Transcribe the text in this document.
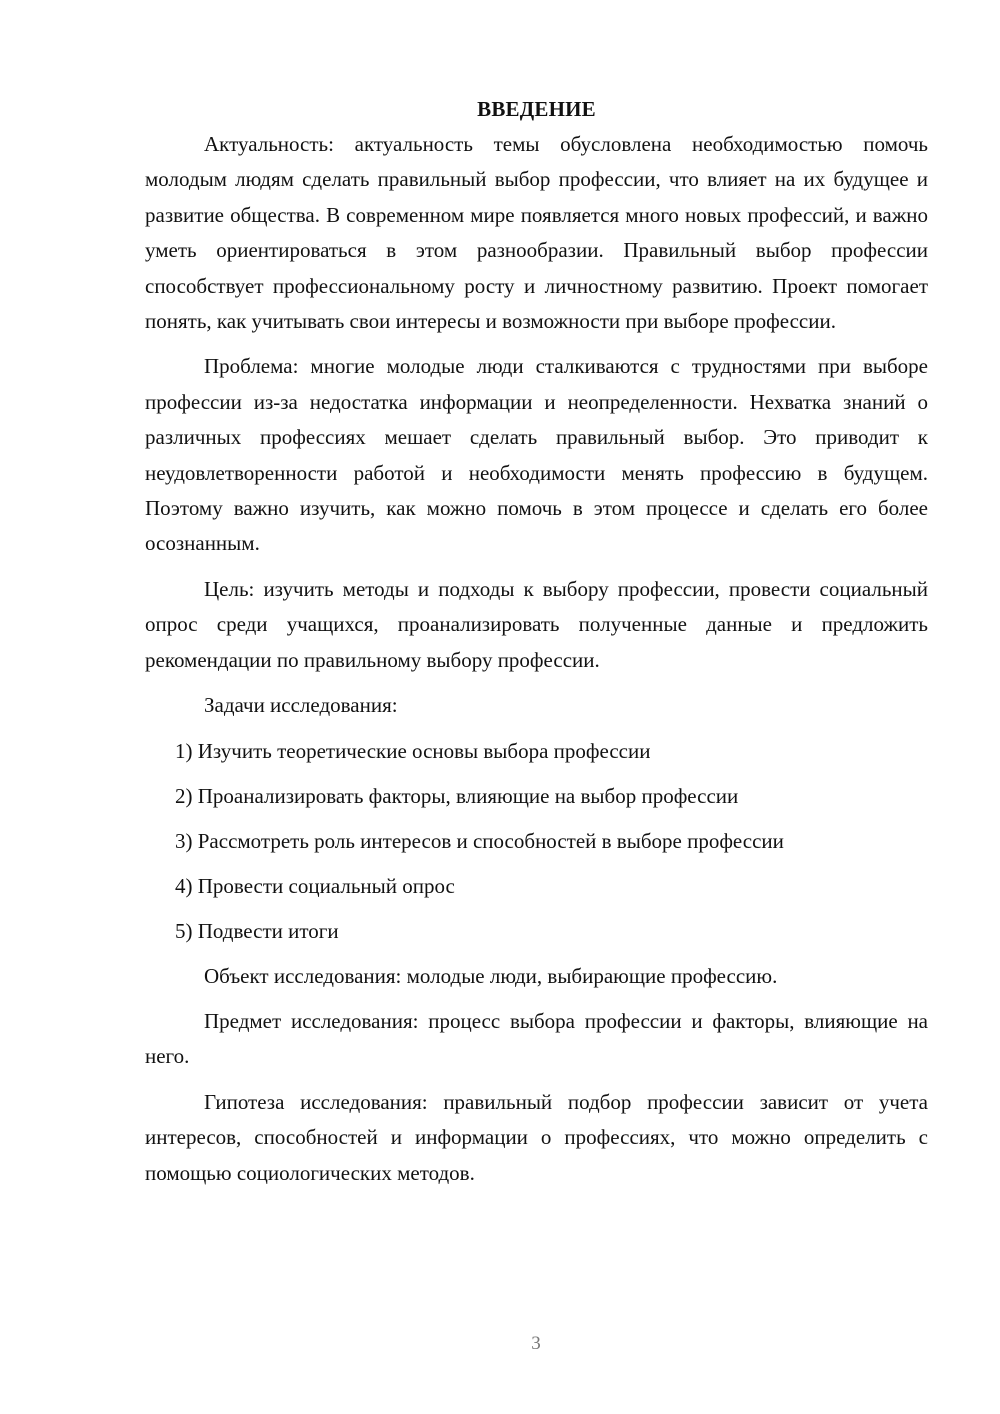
ВВЕДЕНИЕ

Актуальность: актуальность темы обусловлена необходимостью помочь молодым людям сделать правильный выбор профессии, что влияет на их будущее и развитие общества. В современном мире появляется много новых профессий, и важно уметь ориентироваться в этом разнообразии. Правильный выбор профессии способствует профессиональному росту и личностному развитию. Проект помогает понять, как учитывать свои интересы и возможности при выборе профессии.

Проблема: многие молодые люди сталкиваются с трудностями при выборе профессии из-за недостатка информации и неопределенности. Нехватка знаний о различных профессиях мешает сделать правильный выбор. Это приводит к неудовлетворенности работой и необходимости менять профессию в будущем. Поэтому важно изучить, как можно помочь в этом процессе и сделать его более осознанным.

Цель: изучить методы и подходы к выбору профессии, провести социальный опрос среди учащихся, проанализировать полученные данные и предложить рекомендации по правильному выбору профессии.

Задачи исследования:

1) Изучить теоретические основы выбора профессии
2) Проанализировать факторы, влияющие на выбор профессии
3) Рассмотреть роль интересов и способностей в выборе профессии
4) Провести социальный опрос
5) Подвести итоги

Объект исследования: молодые люди, выбирающие профессию.

Предмет исследования: процесс выбора профессии и факторы, влияющие на него.

Гипотеза исследования: правильный подбор профессии зависит от учета интересов, способностей и информации о профессиях, что можно определить с помощью социологических методов.

3
